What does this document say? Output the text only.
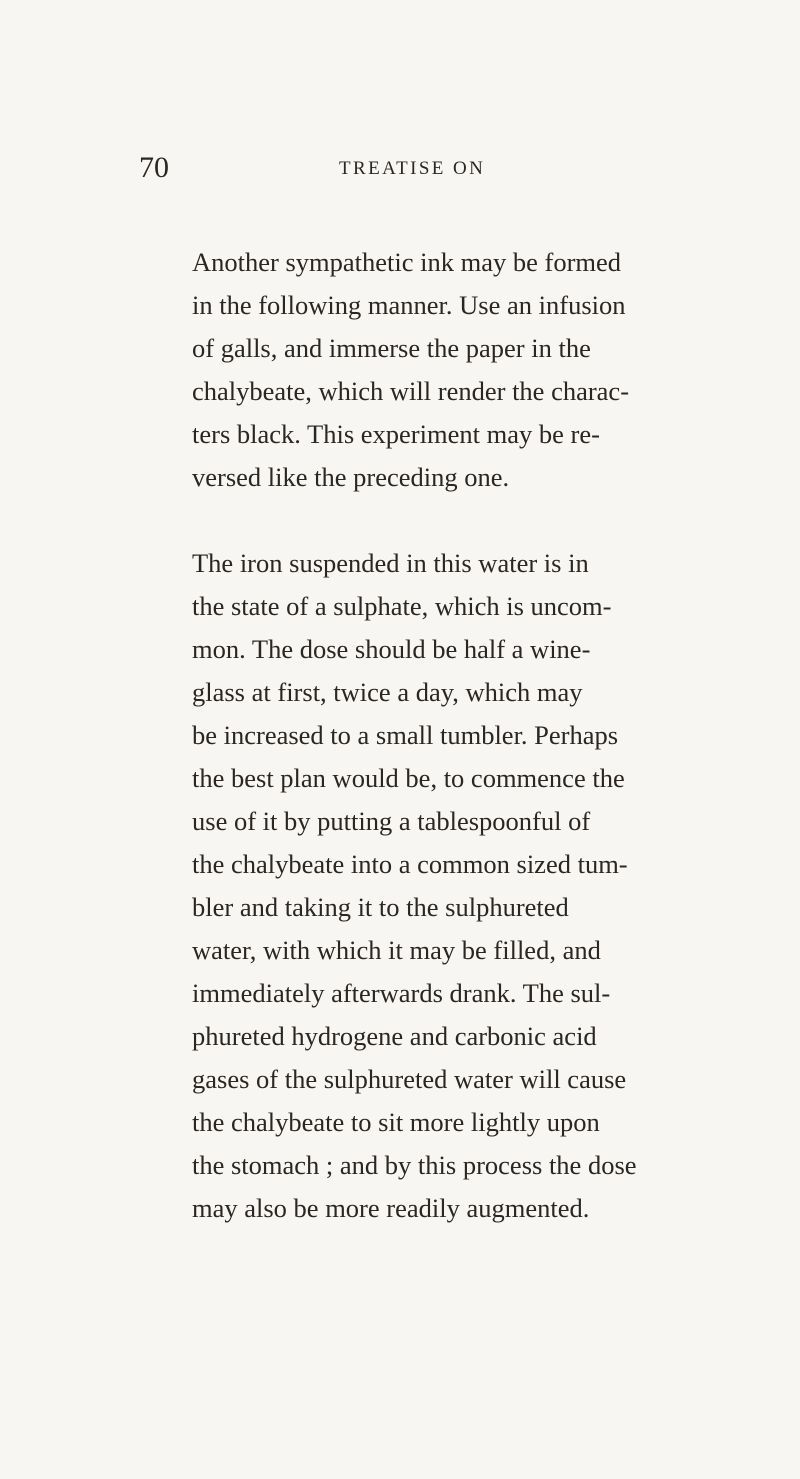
70	TREATISE ON

Another sympathetic ink may be formed
in the following manner. Use an infusion
of galls, and immerse the paper in the
chalybeate, which will render the charac-
ters black. This experiment may be re-
versed like the preceding one.

The iron suspended in this water is in
the state of a sulphate, which is uncom-
mon. The dose should be half a wine-
glass at first, twice a day, which may
be increased to a small tumbler. Perhaps
the best plan would be, to commence the
use of it by putting a tablespoonful of
the chalybeate into a common sized tum-
bler and taking it to the sulphureted
water, with which it may be filled, and
immediately afterwards drank. The sul-
phureted hydrogene and carbonic acid
gases of the sulphureted water will cause
the chalybeate to sit more lightly upon
the stomach ; and by this process the dose
may also be more readily augmented.
